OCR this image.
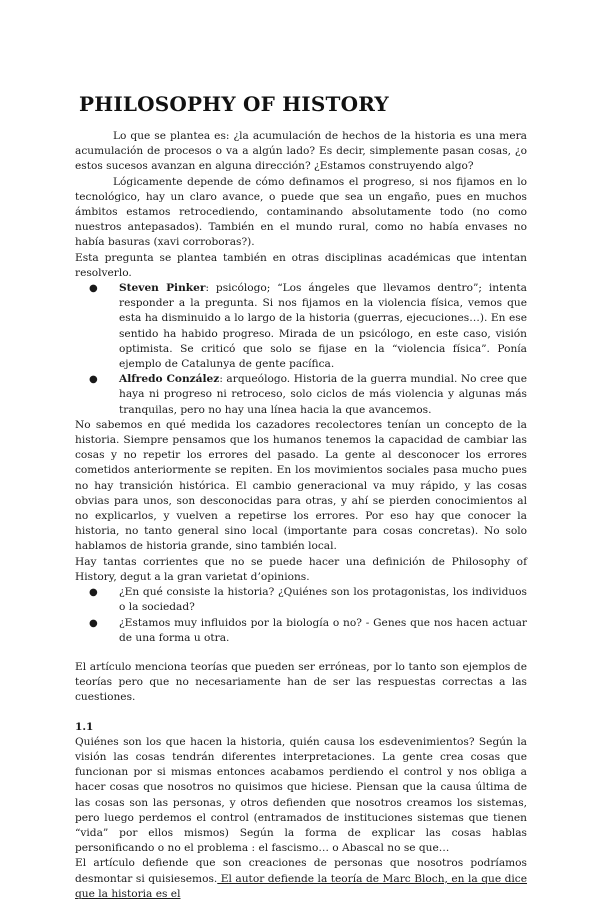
PHILOSOPHY OF HISTORY

Lo que se plantea es: ¿la acumulación de hechos de la historia es una mera acumulación de procesos o va a algún lado? Es decir, simplemente pasan cosas, ¿o estos sucesos avanzan en alguna dirección? ¿Estamos construyendo algo?

Lógicamente depende de cómo definamos el progreso, si nos fijamos en lo tecnológico, hay un claro avance, o puede que sea un engaño, pues en muchos ámbitos estamos retrocediendo, contaminando absolutamente todo (no como nuestros antepasados). También en el mundo rural, como no había envases no había basuras (xavi corroboras?).

Esta pregunta se plantea también en otras disciplinas académicas que intentan resolverlo.

● Steven Pinker: psicólogo; “Los ángeles que llevamos dentro”; intenta responder a la pregunta. Si nos fijamos en la violencia física, vemos que esta ha disminuido a lo largo de la historia (guerras, ejecuciones…). En ese sentido ha habido progreso. Mirada de un psicólogo, en este caso, visión optimista. Se criticó que solo se fijase en la “violencia física”. Ponía ejemplo de Catalunya de gente pacífica.
● Alfredo Conzález: arqueólogo. Historia de la guerra mundial. No cree que haya ni progreso ni retroceso, solo ciclos de más violencia y algunas más tranquilas, pero no hay una línea hacia la que avancemos.

No sabemos en qué medida los cazadores recolectores tenían un concepto de la historia. Siempre pensamos que los humanos tenemos la capacidad de cambiar las cosas y no repetir los errores del pasado. La gente al desconocer los errores cometidos anteriormente se repiten. En los movimientos sociales pasa mucho pues no hay transición histórica. El cambio generacional va muy rápido, y las cosas obvias para unos, son desconocidas para otras, y ahí se pierden conocimientos al no explicarlos, y vuelven a repetirse los errores. Por eso hay que conocer la historia, no tanto general sino local (importante para cosas concretas). No solo hablamos de historia grande, sino también local.

Hay tantas corrientes que no se puede hacer una definición de Philosophy of History, degut a la gran varietat d’opinions.

● ¿En qué consiste la historia? ¿Quiénes son los protagonistas, los individuos o la sociedad?
● ¿Estamos muy influidos por la biología o no? - Genes que nos hacen actuar de una forma u otra.

El artículo menciona teorías que pueden ser erróneas, por lo tanto son ejemplos de teorías pero que no necesariamente han de ser las respuestas correctas a las cuestiones.

1.1

Quiénes son los que hacen la historia, quién causa los esdevenimientos? Según la visión las cosas tendrán diferentes interpretaciones. La gente crea cosas que funcionan por si mismas entonces acabamos perdiendo el control y nos obliga a hacer cosas que nosotros no quisimos que hiciese. Piensan que la causa última de las cosas son las personas, y otros defienden que nosotros creamos los sistemas, pero luego perdemos el control (entramados de instituciones sistemas que tienen “vida” por ellos mismos) Según la forma de explicar las cosas hablas personificando o no el problema : el fascismo… o Abascal no se que…

El artículo defiende que son creaciones de personas que nosotros podríamos desmontar si quisiesemos. El autor defiende la teoría de Marc Bloch, en la que dice que la historia es el
